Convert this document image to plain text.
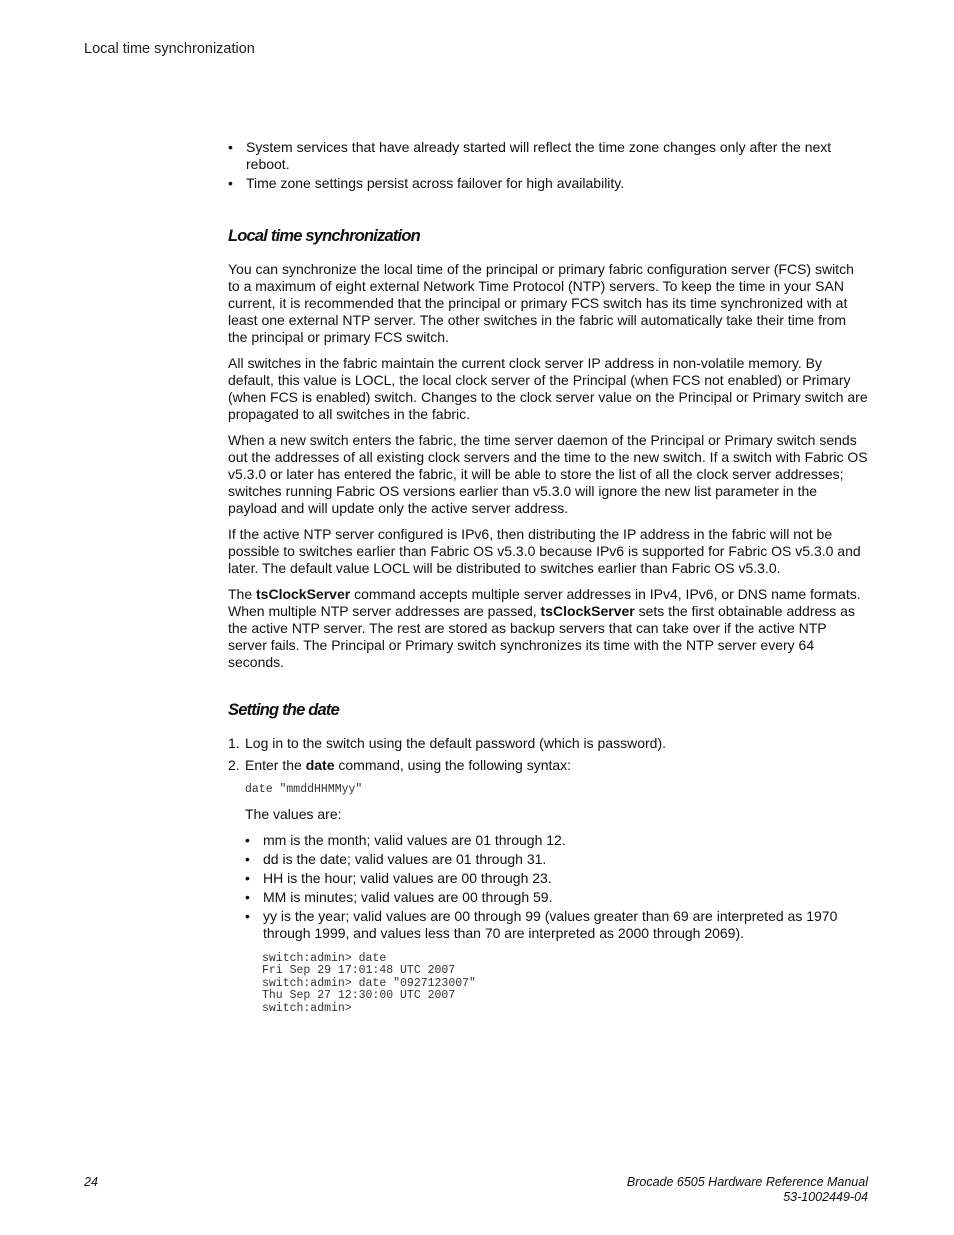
Local time synchronization
• System services that have already started will reflect the time zone changes only after the next reboot.
• Time zone settings persist across failover for high availability.
Local time synchronization

You can synchronize the local time of the principal or primary fabric configuration server (FCS) switch to a maximum of eight external Network Time Protocol (NTP) servers. To keep the time in your SAN current, it is recommended that the principal or primary FCS switch has its time synchronized with at least one external NTP server. The other switches in the fabric will automatically take their time from the principal or primary FCS switch.

All switches in the fabric maintain the current clock server IP address in non-volatile memory. By default, this value is LOCL, the local clock server of the Principal (when FCS not enabled) or Primary (when FCS is enabled) switch. Changes to the clock server value on the Principal or Primary switch are propagated to all switches in the fabric.

When a new switch enters the fabric, the time server daemon of the Principal or Primary switch sends out the addresses of all existing clock servers and the time to the new switch. If a switch with Fabric OS v5.3.0 or later has entered the fabric, it will be able to store the list of all the clock server addresses; switches running Fabric OS versions earlier than v5.3.0 will ignore the new list parameter in the payload and will update only the active server address.

If the active NTP server configured is IPv6, then distributing the IP address in the fabric will not be possible to switches earlier than Fabric OS v5.3.0 because IPv6 is supported for Fabric OS v5.3.0 and later. The default value LOCL will be distributed to switches earlier than Fabric OS v5.3.0.

The tsClockServer command accepts multiple server addresses in IPv4, IPv6, or DNS name formats. When multiple NTP server addresses are passed, tsClockServer sets the first obtainable address as the active NTP server. The rest are stored as backup servers that can take over if the active NTP server fails. The Principal or Primary switch synchronizes its time with the NTP server every 64 seconds.

Setting the date
1. Log in to the switch using the default password (which is password).
2. Enter the date command, using the following syntax:
date "mmddHHMMyy"

The values are:

• mm is the month; valid values are 01 through 12.
• dd is the date; valid values are 01 through 31.
• HH is the hour; valid values are 00 through 23.
• MM is minutes; valid values are 00 through 59.
• yy is the year; valid values are 00 through 99 (values greater than 69 are interpreted as 1970 through 1999, and values less than 70 are interpreted as 2000 through 2069).
switch:admin> date
Fri Sep 29 17:01:48 UTC 2007
switch:admin> date "0927123007"
Thu Sep 27 12:30:00 UTC 2007
switch:admin>
24	Brocade 6505 Hardware Reference Manual
53-1002449-04
